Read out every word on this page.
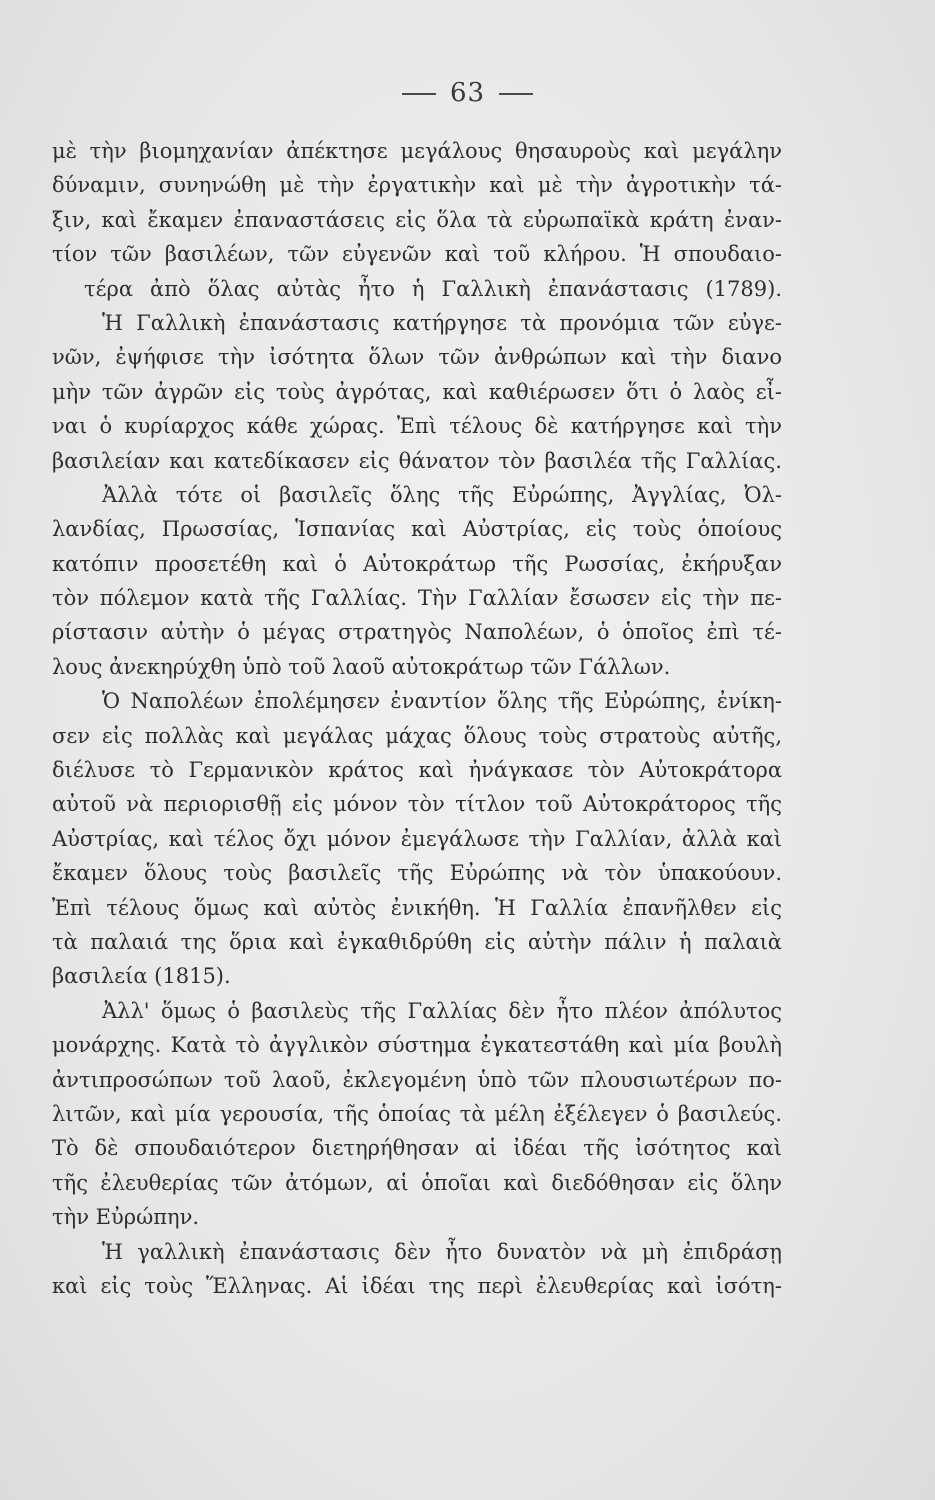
63
μὲ τὴν βιομηχανίαν ἀπέκτησε μεγάλους θησαυροὺς καὶ μεγάλην
δύναμιν, συνηνώθη μὲ τὴν ἐργατικὴν καὶ μὲ τὴν ἀγροτικὴν τά-
ξιν, καὶ ἔκαμεν ἐπαναστάσεις εἰς ὅλα τὰ εὐρωπαϊκὰ κράτη ἐναν-
τίον τῶν βασιλέων, τῶν εὐγενῶν καὶ τοῦ κλήρου. Ἡ σπουδαιο-
τέρα ἀπὸ ὅλας αὐτὰς ἦτο ἡ Γαλλικὴ ἐπανάστασις (1789).
Ἡ Γαλλικὴ ἐπανάστασις κατήργησε τὰ προνόμια τῶν εὐγε-
νῶν, ἐψήφισε τὴν ἰσότητα ὅλων τῶν ἀνθρώπων καὶ τὴν διανο
μὴν τῶν ἀγρῶν εἰς τοὺς ἀγρότας, καὶ καθιέρωσεν ὅτι ὁ λαὸς εἶ-
ναι ὁ κυρίαρχος κάθε χώρας. Ἐπὶ τέλους δὲ κατήργησε καὶ τὴν
βασιλείαν και κατεδίκασεν εἰς θάνατον τὸν βασιλέα τῆς Γαλλίας.
Ἀλλὰ τότε οἱ βασιλεῖς ὅλης τῆς Εὐρώπης, Ἀγγλίας, Ὀλ-
λανδίας, Πρωσσίας, Ἱσπανίας καὶ Αὐστρίας, εἰς τοὺς ὁποίους
κατόπιν προσετέθη καὶ ὁ Αὐτοκράτωρ τῆς Ρωσσίας, ἐκήρυξαν
τὸν πόλεμον κατὰ τῆς Γαλλίας. Τὴν Γαλλίαν ἔσωσεν εἰς τὴν πε-
ρίστασιν αὐτὴν ὁ μέγας στρατηγὸς Ναπολέων, ὁ ὁποῖος ἐπὶ τέ-
λους ἀνεκηρύχθη ὑπὸ τοῦ λαοῦ αὐτοκράτωρ τῶν Γάλλων.
Ὁ Ναπολέων ἐπολέμησεν ἐναντίον ὅλης τῆς Εὐρώπης, ἐνίκη-
σεν εἰς πολλὰς καὶ μεγάλας μάχας ὅλους τοὺς στρατοὺς αὐτῆς,
διέλυσε τὸ Γερμανικὸν κράτος καὶ ἠνάγκασε τὸν Αὐτοκράτορα
αὐτοῦ νὰ περιορισθῇ εἰς μόνον τὸν τίτλον τοῦ Αὐτοκράτορος τῆς
Αὐστρίας, καὶ τέλος ὄχι μόνον ἐμεγάλωσε τὴν Γαλλίαν, ἀλλὰ καὶ
ἔκαμεν ὅλους τοὺς βασιλεῖς τῆς Εὐρώπης νὰ τὸν ὑπακούουν.
Ἐπὶ τέλους ὅμως καὶ αὐτὸς ἐνικήθη. Ἡ Γαλλία ἐπανῆλθεν εἰς
τὰ παλαιά της ὅρια καὶ ἐγκαθιδρύθη εἰς αὐτὴν πάλιν ἡ παλαιὰ
βασιλεία (1815).
Ἀλλ' ὅμως ὁ βασιλεὺς τῆς Γαλλίας δὲν ἦτο πλέον ἀπόλυτος
μονάρχης. Κατὰ τὸ ἀγγλικὸν σύστημα ἐγκατεστάθη καὶ μία βουλὴ
ἀντιπροσώπων τοῦ λαοῦ, ἐκλεγομένη ὑπὸ τῶν πλουσιωτέρων πο-
λιτῶν, καὶ μία γερουσία, τῆς ὁποίας τὰ μέλη ἐξέλεγεν ὁ βασιλεύς.
Τὸ δὲ σπουδαιότερον διετηρήθησαν αἱ ἰδέαι τῆς ἰσότητος καὶ
τῆς ἐλευθερίας τῶν ἀτόμων, αἱ ὁποῖαι καὶ διεδόθησαν εἰς ὅλην
τὴν Εὐρώπην.
Ἡ γαλλικὴ ἐπανάστασις δὲν ἦτο δυνατὸν νὰ μὴ ἐπιδράσῃ
καὶ εἰς τοὺς Ἕλληνας. Αἱ ἰδέαι της περὶ ἐλευθερίας καὶ ἰσότη-
